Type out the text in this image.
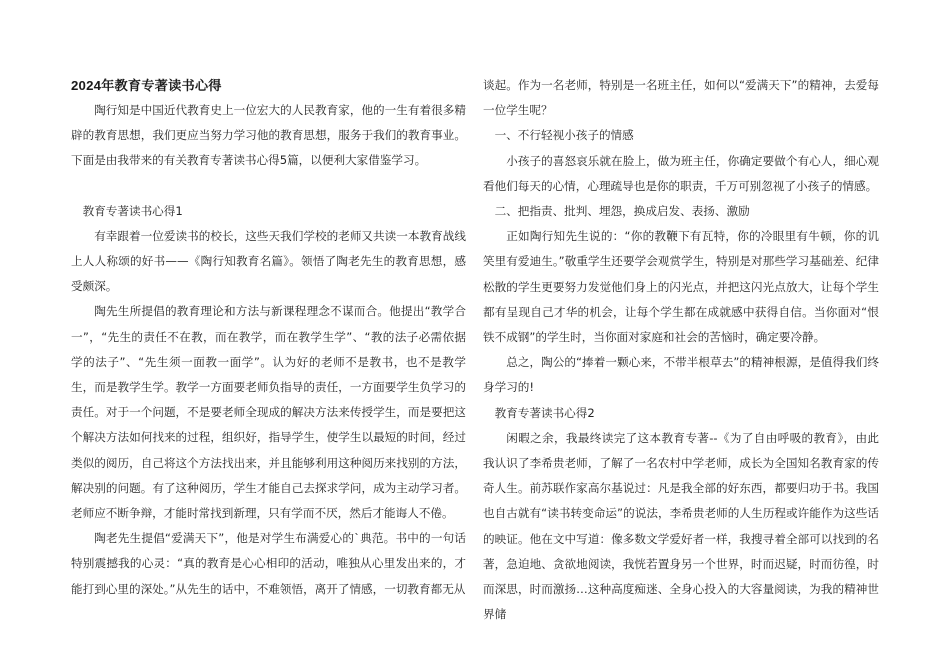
2024年教育专著读书心得

陶行知是中国近代教育史上一位宏大的人民教育家，他的一生有着很多精辟的教育思想，我们更应当努力学习他的教育思想，服务于我们的教育事业。下面是由我带来的有关教育专著读书心得5篇，以便利大家借鉴学习。

教育专著读书心得1

有幸跟着一位爱读书的校长，这些天我们学校的老师又共读一本教育战线上人人称颂的好书——《陶行知教育名篇》。领悟了陶老先生的教育思想，感受颇深。

陶先生所提倡的教育理论和方法与新课程理念不谋而合。他提出“教学合一”，“先生的责任不在教，而在教学，而在教学生学”、“教的法子必需依据学的法子”、“先生须一面教一面学”。认为好的老师不是教书，也不是教学生，而是教学生学。教学一方面要老师负指导的责任，一方面要学生负学习的责任。对于一个问题，不是要老师全现成的解决方法来传授学生，而是要把这个解决方法如何找来的过程，组织好，指导学生，使学生以最短的时间，经过类似的阅历，自己将这个方法找出来，并且能够利用这种阅历来找别的方法，解决别的问题。有了这种阅历，学生才能自己去探求学问，成为主动学习者。老师应不断争辩，才能时常找到新理，只有学而不厌，然后才能诲人不倦。

陶老先生提倡“爱满天下”，他是对学生布满爱心的`典范。书中的一句话特别震撼我的心灵：“真的教育是心心相印的活动，唯独从心里发出来的，才能打到心里的深处。”从先生的话中，不难领悟，离开了情感，一切教育都无从

谈起。作为一名老师，特别是一名班主任，如何以“爱满天下”的精神，去爱每一位学生呢？

一、不行轻视小孩子的情感

小孩子的喜怒哀乐就在脸上，做为班主任，你确定要做个有心人，细心观看他们每天的心情，心理疏导也是你的职责，千万可别忽视了小孩子的情感。

二、把指责、批判、埋怨，换成启发、表扬、激励

正如陶行知先生说的：“你的教鞭下有瓦特，你的冷眼里有牛顿，你的讥笑里有爱迪生。”敬重学生还要学会观赏学生，特别是对那些学习基础差、纪律松散的学生更要努力发觉他们身上的闪光点，并把这闪光点放大，让每个学生都有呈现自己才华的机会，让每个学生都在成就感中获得自信。当你面对“恨铁不成钢”的学生时，当你面对家庭和社会的苦恼时，确定要冷静。

总之，陶公的“捧着一颗心来，不带半根草去”的精神根源，是值得我们终身学习的!

教育专著读书心得2

闲暇之余，我最终读完了这本教育专著--《为了自由呼吸的教育》，由此我认识了李希贵老师，了解了一名农村中学老师，成长为全国知名教育家的传奇人生。前苏联作家高尔基说过：凡是我全部的好东西，都要归功于书。我国也自古就有“读书转变命运”的说法，李希贵老师的人生历程或许能作为这些话的映证。他在文中写道：像多数文学爱好者一样，我搜寻着全部可以找到的名著，急迫地、贪欲地阅读，我恍若置身另一个世界，时而迟疑，时而彷徨，时而深思，时而激扬…这种高度痴迷、全身心投入的大容量阅读，为我的精神世界储
